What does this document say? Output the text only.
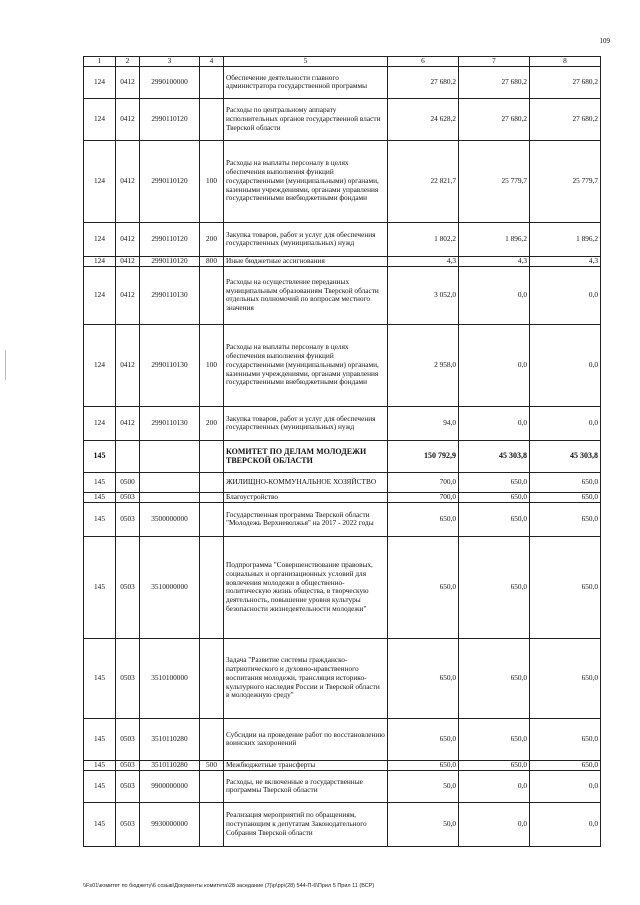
109
1	2	3	4	5	6	7	8
124	0412	2990100000		Обеспечение деятельности главного администратора государственной программы	27 680,2	27 680,2	27 680,2
124	0412	2990110120		Расходы по центральному аппарату исполнительных органов государственной власти Тверской области	24 628,2	27 680,2	27 680,2
124	0412	2990110120	100	Расходы на выплаты персоналу в целях обеспечения выполнения функций государственными (муниципальными) органами, казенными учреждениями, органами управления государственными внебюджетными фондами	22 821,7	25 779,7	25 779,7
124	0412	2990110120	200	Закупка товаров, работ и услуг для обеспечения государственных (муниципальных) нужд	1 802,2	1 896,2	1 896,2
124	0412	2990110120	800	Иные бюджетные ассигнования	4,3	4,3	4,3
124	0412	2990110130		Расходы на осуществление переданных муниципальным образованиям Тверской области отдельных полномочий по вопросам местного значения	3 052,0	0,0	0,0
124	0412	2990110130	100	Расходы на выплаты персоналу в целях обеспечения выполнения функций государственными (муниципальными) органами, казенными учреждениями, органами управления государственными внебюджетными фондами	2 958,0	0,0	0,0
124	0412	2990110130	200	Закупка товаров, работ и услуг для обеспечения государственных (муниципальных) нужд	94,0	0,0	0,0
145				КОМИТЕТ ПО ДЕЛАМ МОЛОДЕЖИ ТВЕРСКОЙ ОБЛАСТИ	150 792,9	45 303,8	45 303,8
145	0500			ЖИЛИЩНО-КОММУНАЛЬНОЕ ХОЗЯЙСТВО	700,0	650,0	650,0
145	0503			Благоустройство	700,0	650,0	650,0
145	0503	3500000000		Государственная программа Тверской области "Молодежь Верхневолжья" на 2017 - 2022 годы	650,0	650,0	650,0
145	0503	3510000000		Подпрограмма "Совершенствование правовых, социальных и организационных условий для вовлечения молодежи в общественно-политическую жизнь общества, в творческую деятельность, повышение уровня культуры безопасности жизнедеятельности молодежи"	650,0	650,0	650,0
145	0503	3510100000		Задача "Развитие системы гражданско-патриотического и духовно-нравственного воспитания молодежи, трансляция историко-культурного наследия России и Тверской области в молодежную среду"	650,0	650,0	650,0
145	0503	3510110280		Субсидии на проведение работ по восстановлению воинских захоронений	650,0	650,0	650,0
145	0503	3510110280	500	Межбюджетные трансферты	650,0	650,0	650,0
145	0503	9900000000		Расходы, не включенные в государственные программы Тверской области	50,0	0,0	0,0
145	0503	9930000000		Реализация мероприятий по обращениям, поступающим к депутатам Законодательного Собрания Тверской области	50,0	0,0	0,0
\\Fs01\комитет по бюджету\6 созыв\Документы комитета\28 заседание (7)\р\рр\(28) 544-П-6\Прил 5 Прил 11 (ВСР)
